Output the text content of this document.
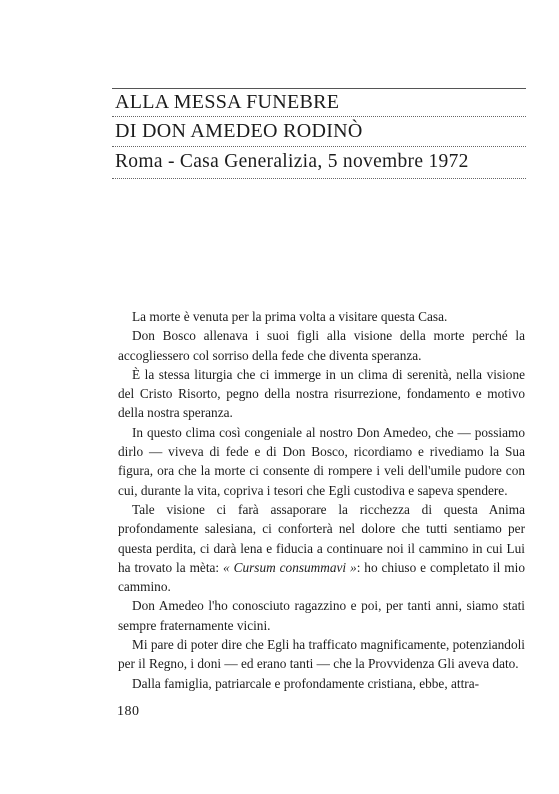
ALLA MESSA FUNEBRE
DI DON AMEDEO RODINÒ
Roma - Casa Generalizia, 5 novembre 1972

La morte è venuta per la prima volta a visitare questa Casa.

Don Bosco allenava i suoi figli alla visione della morte perché la accogliessero col sorriso della fede che diventa speranza.

È la stessa liturgia che ci immerge in un clima di serenità, nella visione del Cristo Risorto, pegno della nostra risurrezione, fondamento e motivo della nostra speranza.

In questo clima così congeniale al nostro Don Amedeo, che — possiamo dirlo — viveva di fede e di Don Bosco, ricordiamo e rivediamo la Sua figura, ora che la morte ci consente di rompere i veli dell'umile pudore con cui, durante la vita, copriva i tesori che Egli custodiva e sapeva spendere.

Tale visione ci farà assaporare la ricchezza di questa Anima profondamente salesiana, ci conforterà nel dolore che tutti sentiamo per questa perdita, ci darà lena e fiducia a continuare noi il cammino in cui Lui ha trovato la mèta: « Cursum consummavi »: ho chiuso e completato il mio cammino.

Don Amedeo l'ho conosciuto ragazzino e poi, per tanti anni, siamo stati sempre fraternamente vicini.

Mi pare di poter dire che Egli ha trafficato magnificamente, potenziandoli per il Regno, i doni — ed erano tanti — che la Provvidenza Gli aveva dato.

Dalla famiglia, patriarcale e profondamente cristiana, ebbe, attra-

180
